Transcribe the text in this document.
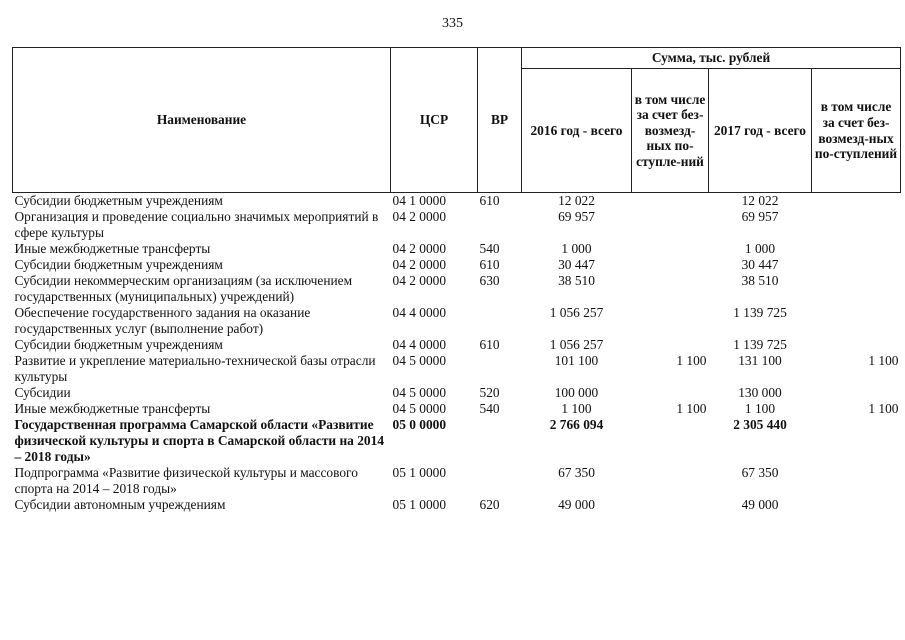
335
Наименование	ЦСР	ВР	Сумма, тыс. рублей			
			2016 год - всего	в том числе за счет без-возмезд-ных по-ступле-ний	2017 год - всего	в том числе за счет без-возмезд-ных по-ступлений
Субсидии бюджетным учреждениям	04 1 0000	610	12 022		12 022	
Организация и проведение социально значимых мероприятий в сфере культуры	04 2 0000		69 957		69 957	
Иные межбюджетные трансферты	04 2 0000	540	1 000		1 000	
Субсидии бюджетным учреждениям	04 2 0000	610	30 447		30 447	
Субсидии некоммерческим организациям (за исключением государственных (муниципальных) учреждений)	04 2 0000	630	38 510		38 510	
Обеспечение государственного задания на оказание государственных услуг (выполнение работ)	04 4 0000		1 056 257		1 139 725	
Субсидии бюджетным учреждениям	04 4 0000	610	1 056 257		1 139 725	
Развитие и укрепление материально-технической базы отрасли культуры	04 5 0000		101 100	1 100	131 100	1 100
Субсидии	04 5 0000	520	100 000		130 000	
Иные межбюджетные трансферты	04 5 0000	540	1 100	1 100	1 100	1 100
Государственная программа Самарской области «Развитие физической культуры и спорта в Самарской области на 2014 – 2018 годы»	05 0 0000		2 766 094		2 305 440	
Подпрограмма «Развитие физической культуры и массового спорта на 2014 – 2018 годы»	05 1 0000		67 350		67 350	
Субсидии автономным учреждениям	05 1 0000	620	49 000		49 000	
